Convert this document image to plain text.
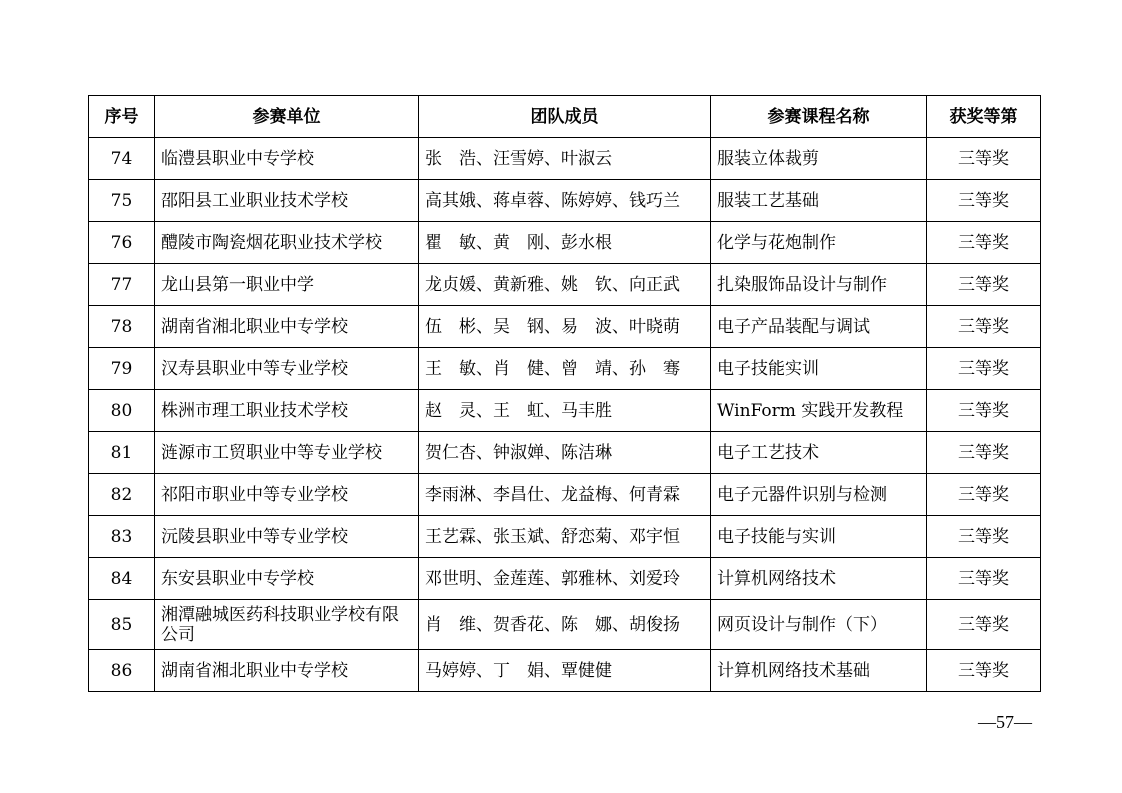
序号	参赛单位	团队成员	参赛课程名称	获奖等第
74	临澧县职业中专学校	张　浩、汪雪婷、叶淑云	服装立体裁剪	三等奖
75	邵阳县工业职业技术学校	高其娥、蒋卓蓉、陈婷婷、钱巧兰	服装工艺基础	三等奖
76	醴陵市陶瓷烟花职业技术学校	瞿　敏、黄　刚、彭水根	化学与花炮制作	三等奖
77	龙山县第一职业中学	龙贞媛、黄新雅、姚　钦、向正武	扎染服饰品设计与制作	三等奖
78	湖南省湘北职业中专学校	伍　彬、吴　钢、易　波、叶晓萌	电子产品装配与调试	三等奖
79	汉寿县职业中等专业学校	王　敏、肖　健、曾　靖、孙　骞	电子技能实训	三等奖
80	株洲市理工职业技术学校	赵　灵、王　虹、马丰胜	WinForm 实践开发教程	三等奖
81	涟源市工贸职业中等专业学校	贺仁杏、钟淑婵、陈洁琳	电子工艺技术	三等奖
82	祁阳市职业中等专业学校	李雨淋、李昌仕、龙益梅、何青霖	电子元器件识别与检测	三等奖
83	沅陵县职业中等专业学校	王艺霖、张玉斌、舒恋菊、邓宇恒	电子技能与实训	三等奖
84	东安县职业中专学校	邓世明、金莲莲、郭雅林、刘爱玲	计算机网络技术	三等奖
85	湘潭融城医药科技职业学校有限公司	肖　维、贺香花、陈　娜、胡俊扬	网页设计与制作（下）	三等奖
86	湖南省湘北职业中专学校	马婷婷、丁　娟、覃健健	计算机网络技术基础	三等奖
—57—
